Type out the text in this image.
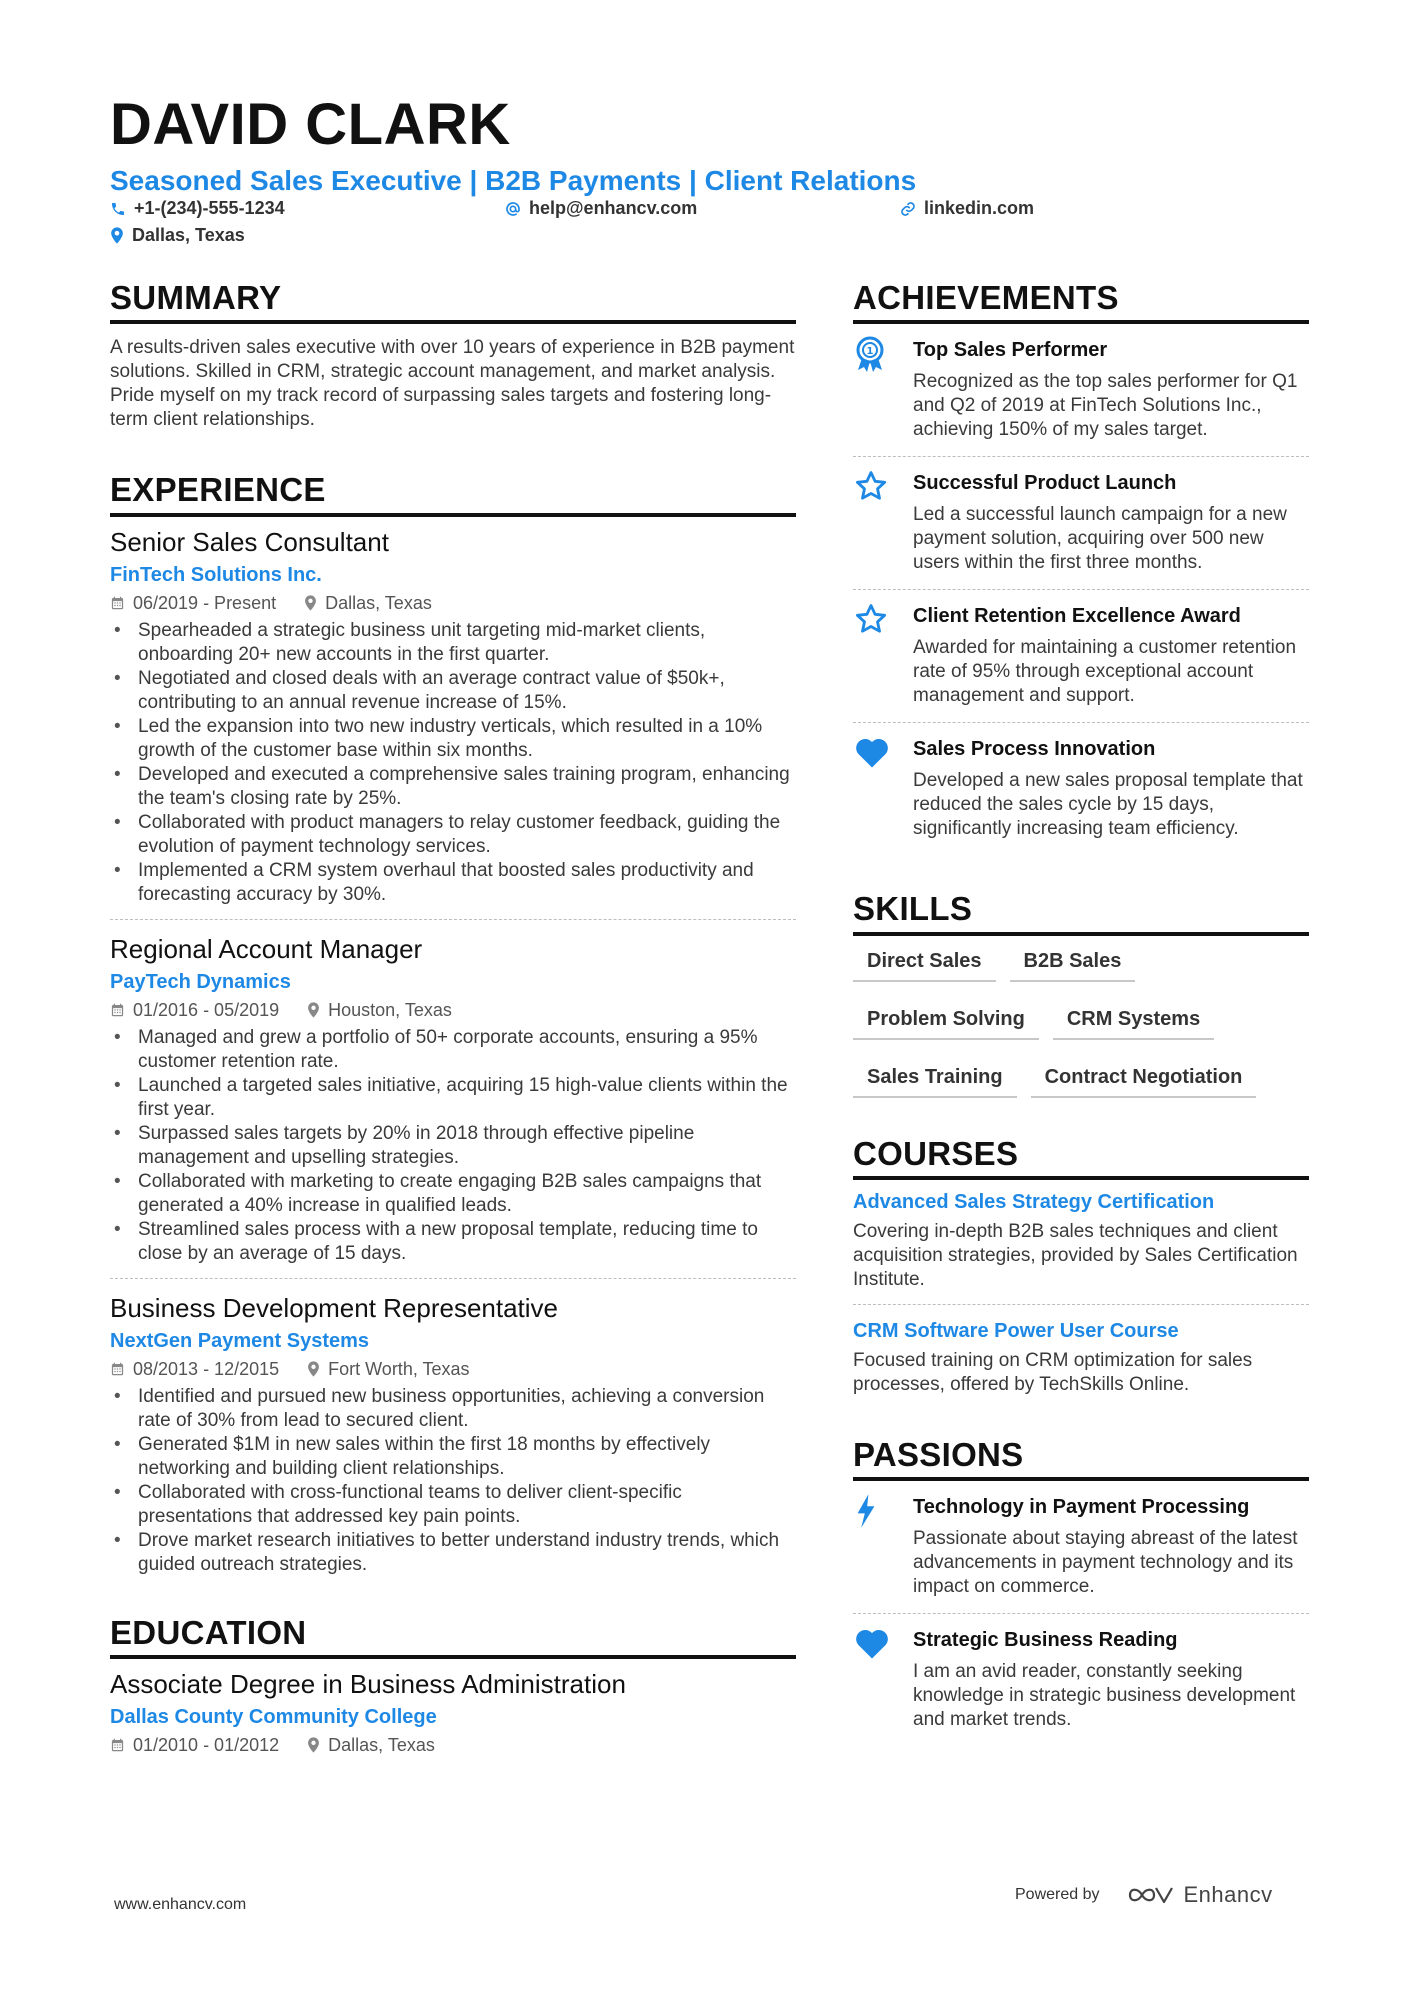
DAVID CLARK
Seasoned Sales Executive | B2B Payments | Client Relations
+1-(234)-555-1234	help@enhancv.com	linkedin.com
Dallas, Texas
SUMMARY
A results-driven sales executive with over 10 years of experience in B2B payment solutions. Skilled in CRM, strategic account management, and market analysis. Pride myself on my track record of surpassing sales targets and fostering long-term client relationships.
EXPERIENCE
Senior Sales Consultant
FinTech Solutions Inc.
06/2019 - Present	Dallas, Texas
• Spearheaded a strategic business unit targeting mid-market clients, onboarding 20+ new accounts in the first quarter.
• Negotiated and closed deals with an average contract value of $50k+, contributing to an annual revenue increase of 15%.
• Led the expansion into two new industry verticals, which resulted in a 10% growth of the customer base within six months.
• Developed and executed a comprehensive sales training program, enhancing the team's closing rate by 25%.
• Collaborated with product managers to relay customer feedback, guiding the evolution of payment technology services.
• Implemented a CRM system overhaul that boosted sales productivity and forecasting accuracy by 30%.
Regional Account Manager
PayTech Dynamics
01/2016 - 05/2019	Houston, Texas
• Managed and grew a portfolio of 50+ corporate accounts, ensuring a 95% customer retention rate.
• Launched a targeted sales initiative, acquiring 15 high-value clients within the first year.
• Surpassed sales targets by 20% in 2018 through effective pipeline management and upselling strategies.
• Collaborated with marketing to create engaging B2B sales campaigns that generated a 40% increase in qualified leads.
• Streamlined sales process with a new proposal template, reducing time to close by an average of 15 days.
Business Development Representative
NextGen Payment Systems
08/2013 - 12/2015	Fort Worth, Texas
• Identified and pursued new business opportunities, achieving a conversion rate of 30% from lead to secured client.
• Generated $1M in new sales within the first 18 months by effectively networking and building client relationships.
• Collaborated with cross-functional teams to deliver client-specific presentations that addressed key pain points.
• Drove market research initiatives to better understand industry trends, which guided outreach strategies.
EDUCATION
Associate Degree in Business Administration
Dallas County Community College
01/2010 - 01/2012	Dallas, Texas
ACHIEVEMENTS
1 Top Sales Performer
Recognized as the top sales performer for Q1 and Q2 of 2019 at FinTech Solutions Inc., achieving 150% of my sales target.
Successful Product Launch
Led a successful launch campaign for a new payment solution, acquiring over 500 new users within the first three months.
Client Retention Excellence Award
Awarded for maintaining a customer retention rate of 95% through exceptional account management and support.
Sales Process Innovation
Developed a new sales proposal template that reduced the sales cycle by 15 days, significantly increasing team efficiency.
SKILLS
Direct Sales	B2B Sales
Problem Solving	CRM Systems
Sales Training	Contract Negotiation
COURSES
Advanced Sales Strategy Certification
Covering in-depth B2B sales techniques and client acquisition strategies, provided by Sales Certification Institute.
CRM Software Power User Course
Focused training on CRM optimization for sales processes, offered by TechSkills Online.
PASSIONS
Technology in Payment Processing
Passionate about staying abreast of the latest advancements in payment technology and its impact on commerce.
Strategic Business Reading
I am an avid reader, constantly seeking knowledge in strategic business development and market trends.
www.enhancv.com
Powered by	Enhancv
